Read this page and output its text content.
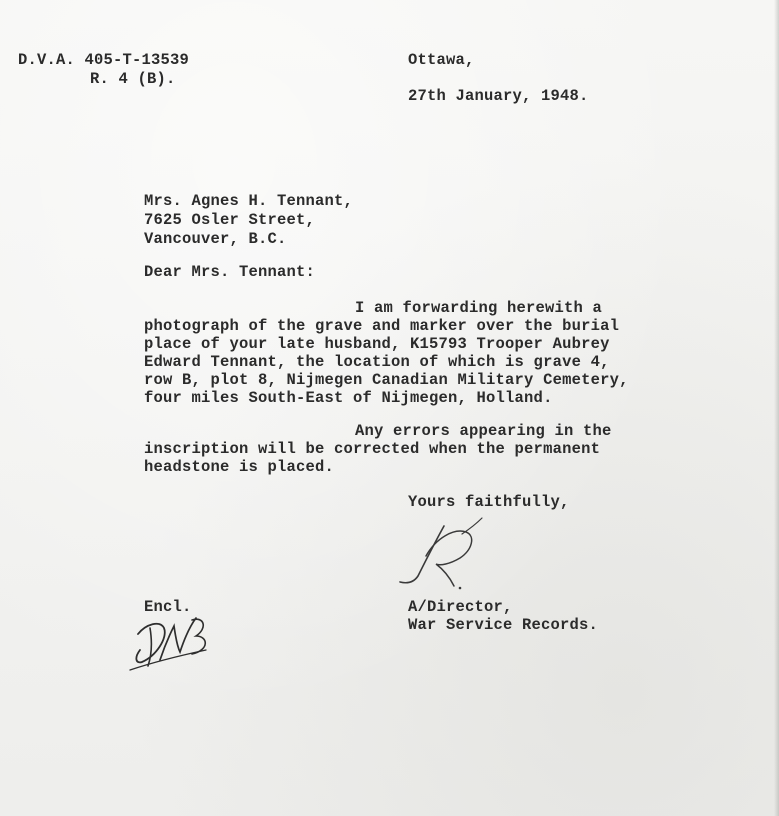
D.V.A. 405-T-13539
R. 4 (B).
Ottawa,
27th January, 1948.
Mrs. Agnes H. Tennant,
7625 Osler Street,
Vancouver, B.C.
Dear Mrs. Tennant:
I am forwarding herewith a
photograph of the grave and marker over the burial
place of your late husband, K15793 Trooper Aubrey
Edward Tennant, the location of which is grave 4,
row B, plot 8, Nijmegen Canadian Military Cemetery,
four miles South-East of Nijmegen, Holland.
Any errors appearing in the
inscription will be corrected when the permanent
headstone is placed.
Yours faithfully,
Encl.	A/Director,
War Service Records.
